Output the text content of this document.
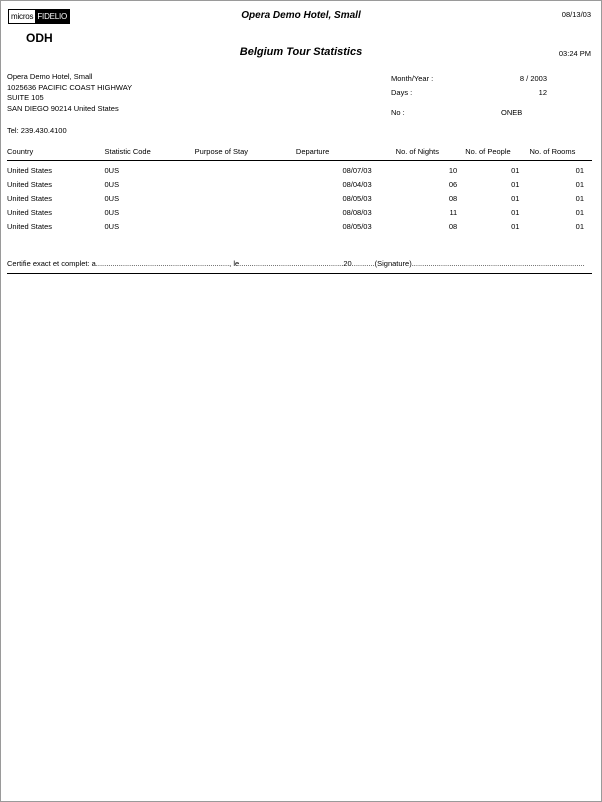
micros FIDELIO
ODH
Opera Demo Hotel, Small	08/13/03
Belgium Tour Statistics	03:24 PM
Opera Demo Hotel, Small
1025636 PACIFIC COAST HIGHWAY
SUITE 105
SAN DIEGO 90214 United States
Tel: 239.430.4100
Month/Year :	8 / 2003
Days :	12
No :	ONEB
Country	Statistic Code	Purpose of Stay	Departure	No. of Nights	No. of People	No. of Rooms
United States	0US		08/07/03	10	01	01
United States	0US		08/04/03	06	01	01
United States	0US		08/05/03	08	01	01
United States	0US		08/08/03	11	01	01
United States	0US		08/05/03	08	01	01
Certifie exact et complet: a................................................................, le..................................................20...........(Signature)...................................................................................
